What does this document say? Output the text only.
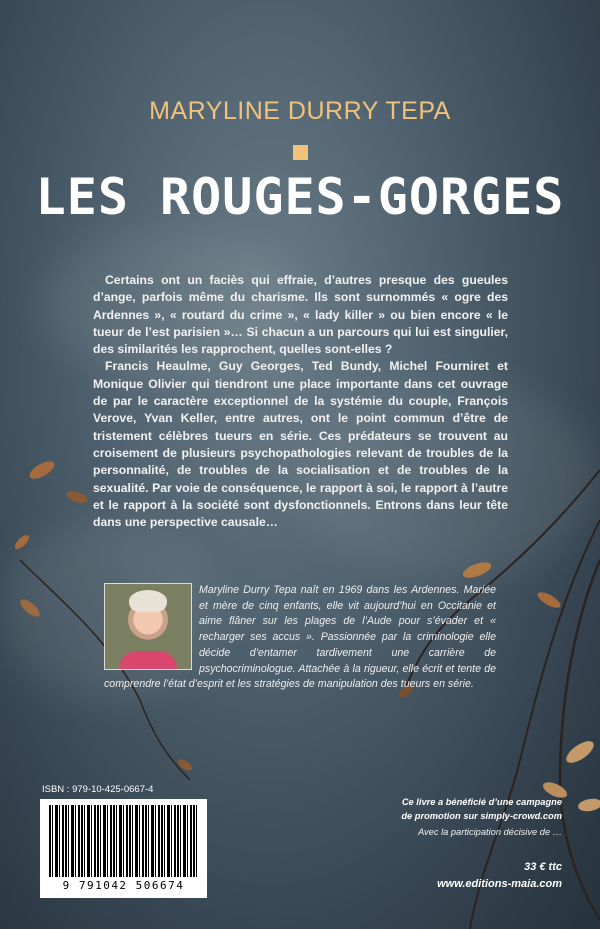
MARYLINE DURRY TEPA
LES ROUGES-GORGES

Certains ont un faciès qui effraie, d’autres presque des gueules d’ange, parfois même du charisme. Ils sont surnommés « ogre des Ardennes », « routard du crime », « lady killer » ou bien encore « le tueur de l’est parisien »… Si chacun a un parcours qui lui est singulier, des similarités les rapprochent, quelles sont-elles ?

Francis Heaulme, Guy Georges, Ted Bundy, Michel Fourniret et Monique Olivier qui tiendront une place importante dans cet ouvrage de par le caractère exceptionnel de la systémie du couple, François Verove, Yvan Keller, entre autres, ont le point commun d’être de tristement célèbres tueurs en série. Ces prédateurs se trouvent au croisement de plusieurs psychopathologies relevant de troubles de la personnalité, de troubles de la socialisation et de troubles de la sexualité. Par voie de conséquence, le rapport à soi, le rapport à l’autre et le rapport à la société sont dysfonctionnels. Entrons dans leur tête dans une perspective causale…

Maryline Durry Tepa naît en 1969 dans les Ardennes. Mariée et mère de cinq enfants, elle vit aujourd’hui en Occitanie et aime flâner sur les plages de l’Aude pour s’évader et « recharger ses accus ». Passionnée par la criminologie elle décide d’entamer tardivement une carrière de psychocriminologue. Attachée à la rigueur, elle écrit et tente de comprendre l’état d’esprit et les stratégies de manipulation des tueurs en série.
ISBN : 979-10-425-0667-4
9 791042 506674
Ce livre a bénéficié d’une campagne
de promotion sur simply-crowd.com
Avec la participation décisive de …
33 € ttc
www.editions-maia.com
